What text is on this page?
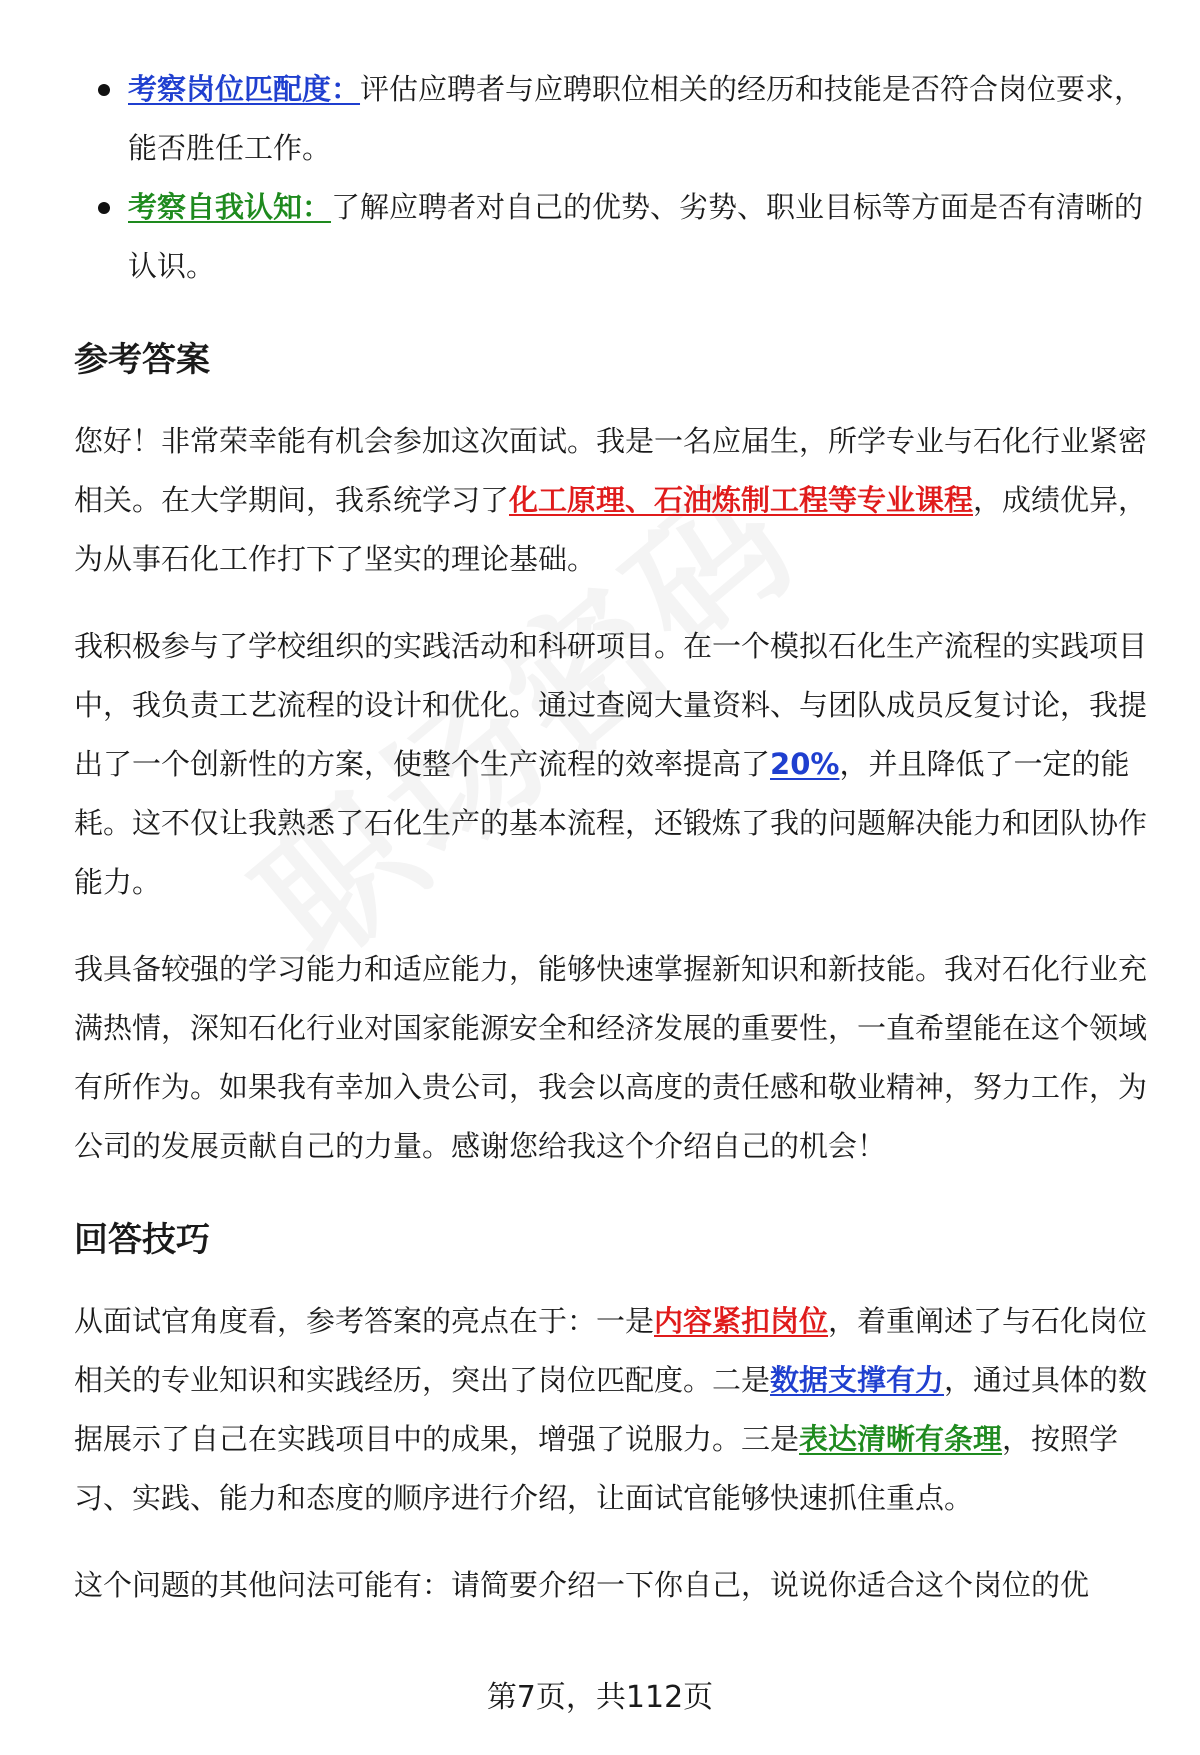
考察岗位匹配度：评估应聘者与应聘职位相关的经历和技能是否符合岗位要求，能否胜任工作。
考察自我认知：了解应聘者对自己的优势、劣势、职业目标等方面是否有清晰的认识。
参考答案

您好！非常荣幸能有机会参加这次面试。我是一名应届生，所学专业与石化行业紧密相关。在大学期间，我系统学习了化工原理、石油炼制工程等专业课程，成绩优异，为从事石化工作打下了坚实的理论基础。

我积极参与了学校组织的实践活动和科研项目。在一个模拟石化生产流程的实践项目中，我负责工艺流程的设计和优化。通过查阅大量资料、与团队成员反复讨论，我提出了一个创新性的方案，使整个生产流程的效率提高了20%，并且降低了一定的能耗。这不仅让我熟悉了石化生产的基本流程，还锻炼了我的问题解决能力和团队协作能力。

我具备较强的学习能力和适应能力，能够快速掌握新知识和新技能。我对石化行业充满热情，深知石化行业对国家能源安全和经济发展的重要性，一直希望能在这个领域有所作为。如果我有幸加入贵公司，我会以高度的责任感和敬业精神，努力工作，为公司的发展贡献自己的力量。感谢您给我这个介绍自己的机会！

回答技巧

从面试官角度看，参考答案的亮点在于：一是内容紧扣岗位，着重阐述了与石化岗位相关的专业知识和实践经历，突出了岗位匹配度。二是数据支撑有力，通过具体的数据展示了自己在实践项目中的成果，增强了说服力。三是表达清晰有条理，按照学习、实践、能力和态度的顺序进行介绍，让面试官能够快速抓住重点。

这个问题的其他问法可能有：请简要介绍一下你自己，说说你适合这个岗位的优

第7页，共112页
